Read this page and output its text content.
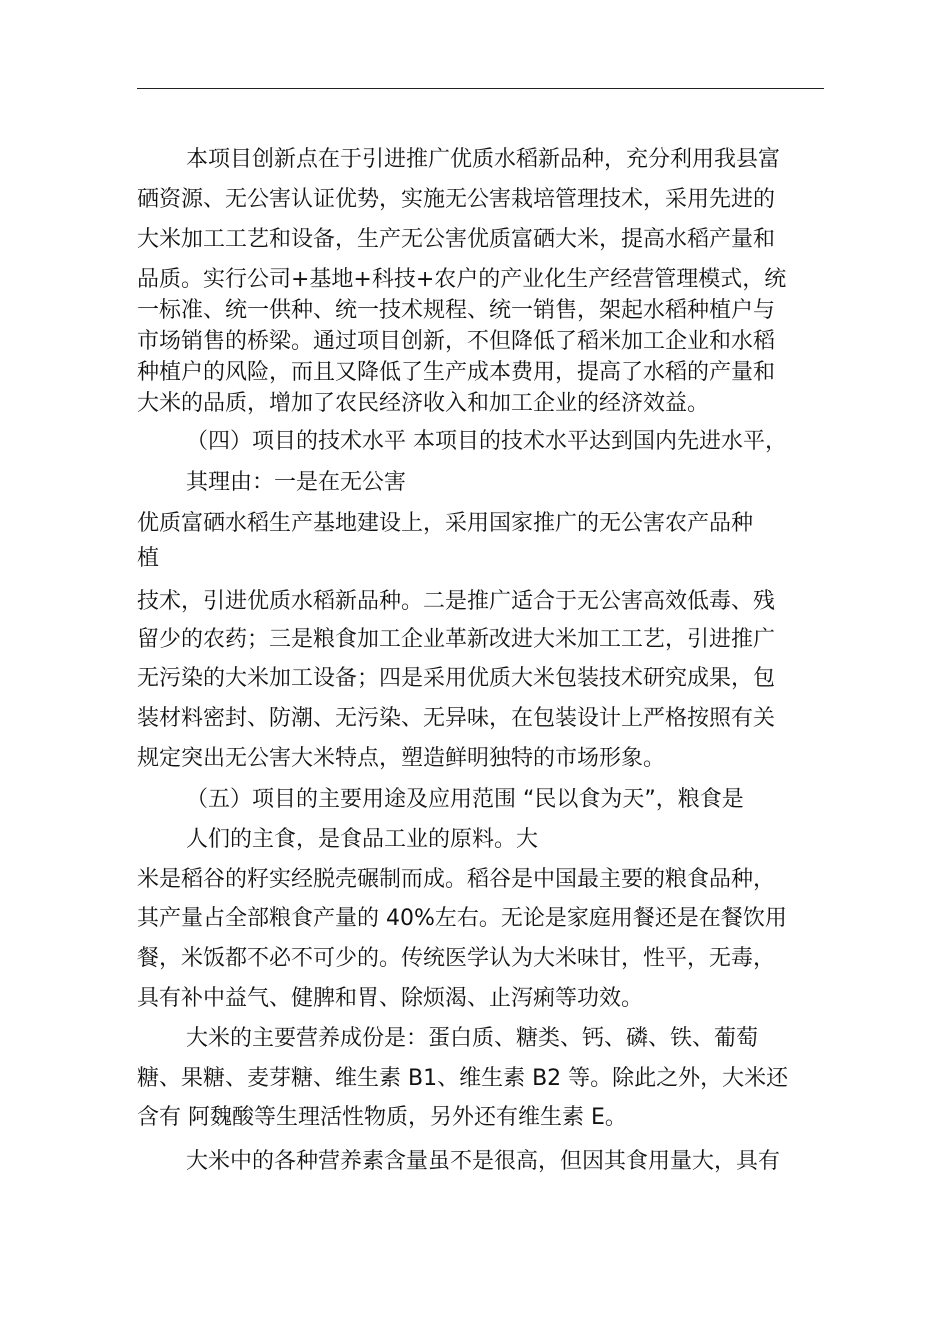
本项目创新点在于引进推广优质水稻新品种，充分利用我县富
硒资源、无公害认证优势，实施无公害栽培管理技术，采用先进的
大米加工工艺和设备，生产无公害优质富硒大米，提高水稻产量和
品质。实行公司+基地+科技+农户的产业化生产经营管理模式，统
一标准、统一供种、统一技术规程、统一销售，架起水稻种植户与
市场销售的桥梁。通过项目创新，不但降低了稻米加工企业和水稻
种植户的风险，而且又降低了生产成本费用，提高了水稻的产量和
大米的品质，增加了农民经济收入和加工企业的经济效益。
（四）项目的技术水平 本项目的技术水平达到国内先进水平，
其理由：一是在无公害
优质富硒水稻生产基地建设上，采用国家推广的无公害农产品种
植
技术，引进优质水稻新品种。二是推广适合于无公害高效低毒、残
留少的农药；三是粮食加工企业革新改进大米加工工艺，引进推广
无污染的大米加工设备；四是采用优质大米包装技术研究成果，包
装材料密封、防潮、无污染、无异味，在包装设计上严格按照有关
规定突出无公害大米特点，塑造鲜明独特的市场形象。
（五）项目的主要用途及应用范围 “民以食为天”，粮食是
人们的主食，是食品工业的原料。大
米是稻谷的籽实经脱壳碾制而成。稻谷是中国最主要的粮食品种，
其产量占全部粮食产量的 40%左右。无论是家庭用餐还是在餐饮用
餐，米饭都不必不可少的。传统医学认为大米味甘，性平，无毒，
具有补中益气、健脾和胃、除烦渴、止泻痢等功效。
大米的主要营养成份是：蛋白质、糖类、钙、磷、铁、葡萄
糖、果糖、麦芽糖、维生素 B1、维生素 B2 等。除此之外，大米还
含有 阿魏酸等生理活性物质，另外还有维生素 E。
大米中的各种营养素含量虽不是很高，但因其食用量大，具有
